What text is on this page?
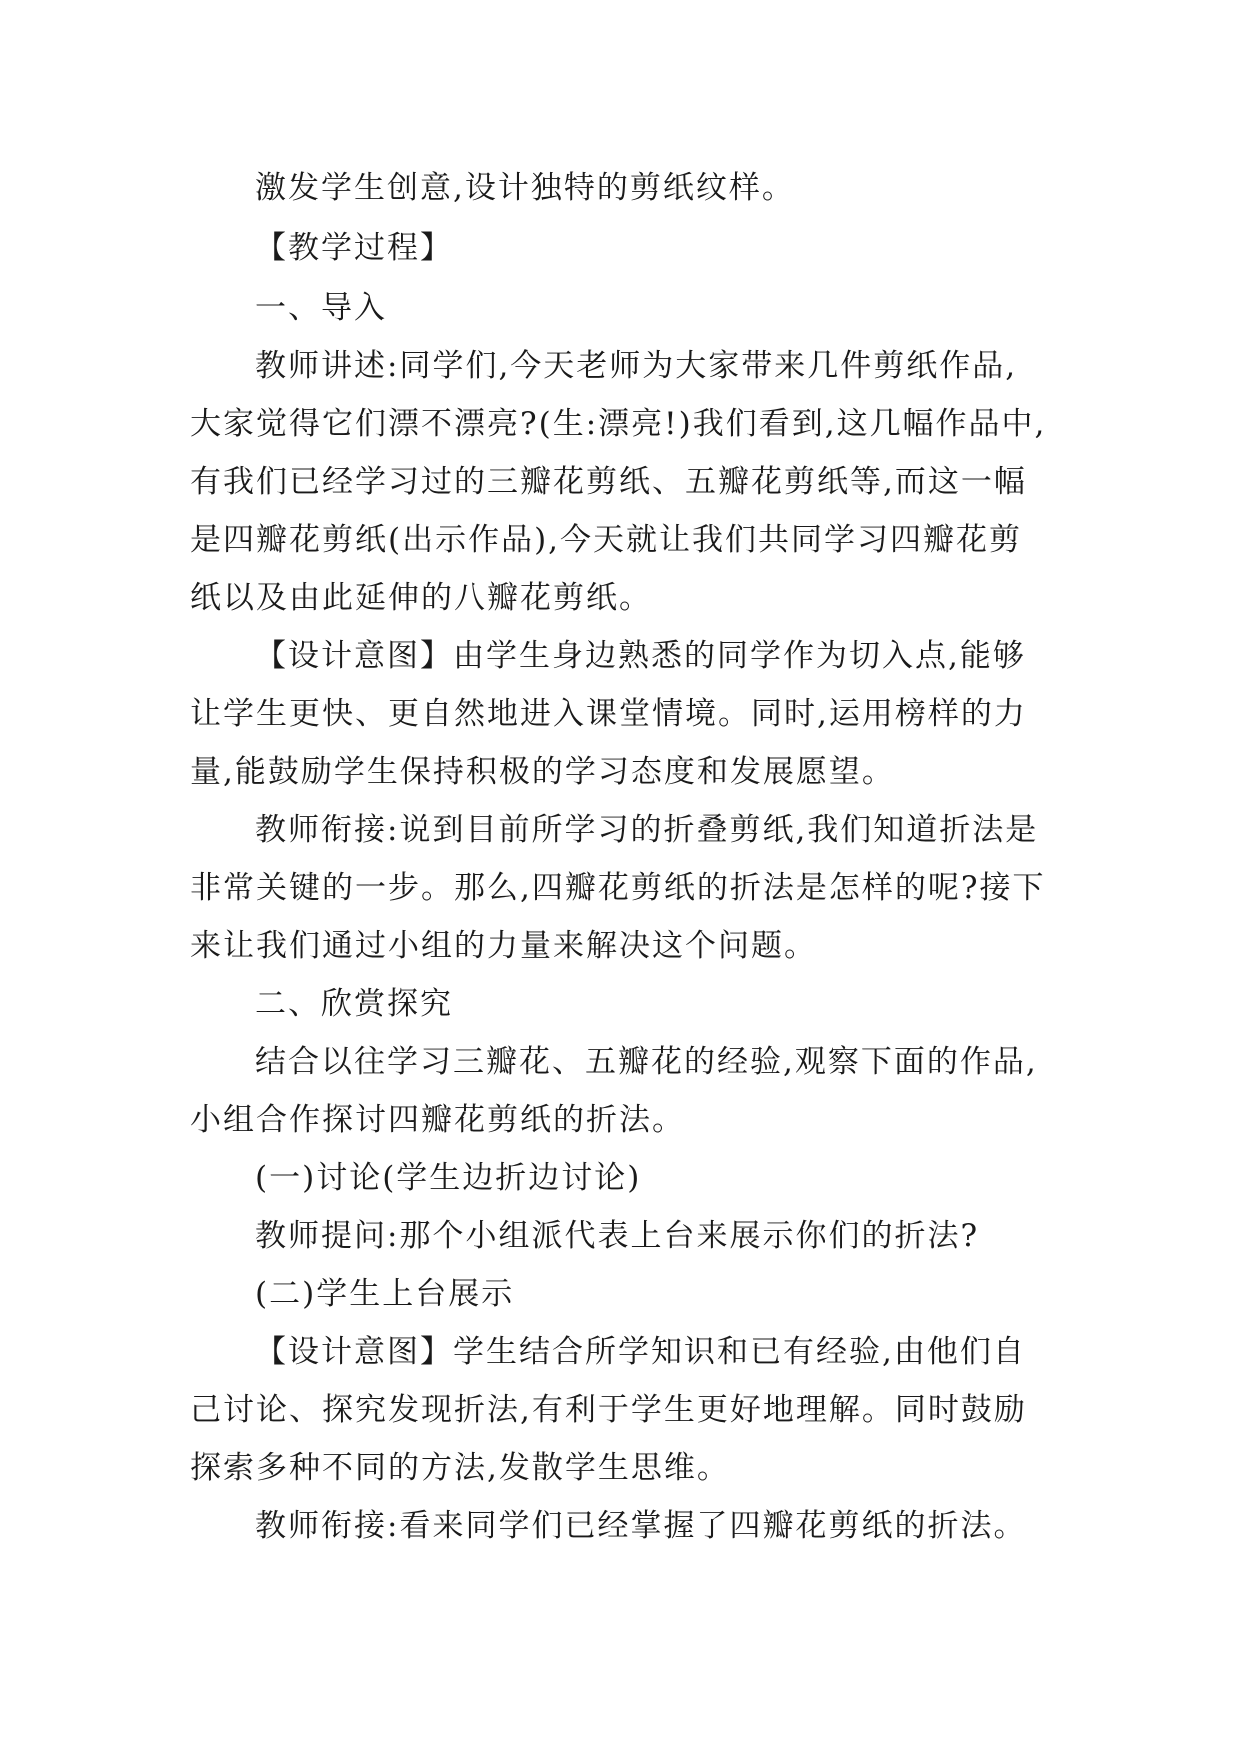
激发学生创意,设计独特的剪纸纹样。
【教学过程】
一、导入
教师讲述:同学们,今天老师为大家带来几件剪纸作品,
大家觉得它们漂不漂亮?(生:漂亮!)我们看到,这几幅作品中,
有我们已经学习过的三瓣花剪纸、五瓣花剪纸等,而这一幅
是四瓣花剪纸(出示作品),今天就让我们共同学习四瓣花剪
纸以及由此延伸的八瓣花剪纸。
【设计意图】由学生身边熟悉的同学作为切入点,能够
让学生更快、更自然地进入课堂情境。同时,运用榜样的力
量,能鼓励学生保持积极的学习态度和发展愿望。
教师衔接:说到目前所学习的折叠剪纸,我们知道折法是
非常关键的一步。那么,四瓣花剪纸的折法是怎样的呢?接下
来让我们通过小组的力量来解决这个问题。
二、欣赏探究
结合以往学习三瓣花、五瓣花的经验,观察下面的作品,
小组合作探讨四瓣花剪纸的折法。
(一)讨论(学生边折边讨论)
教师提问:那个小组派代表上台来展示你们的折法?
(二)学生上台展示
【设计意图】学生结合所学知识和已有经验,由他们自
己讨论、探究发现折法,有利于学生更好地理解。同时鼓励
探索多种不同的方法,发散学生思维。
教师衔接:看来同学们已经掌握了四瓣花剪纸的折法。
